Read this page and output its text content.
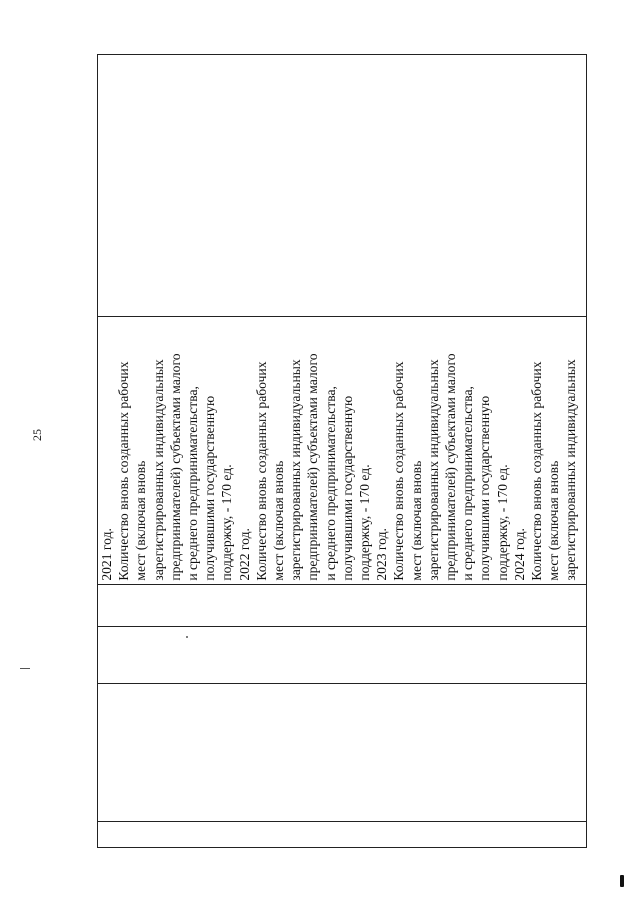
25
2021 год. Количество вновь созданных рабочих мест (включая вновь зарегистрированных индивидуальных предпринимателей) субъектами малого и среднего предпринимательства, получившими государственную поддержку, - 170 ед. 2022 год. Количество вновь созданных рабочих мест (включая вновь зарегистрированных индивидуальных предпринимателей) субъектами малого и среднего предпринимательства, получившими государственную поддержку, - 170 ед. 2023 год. Количество вновь созданных рабочих мест (включая вновь зарегистрированных индивидуальных предпринимателей) субъектами малого и среднего предпринимательства, получившими государственную поддержку, - 170 ед. 2024 год. Количество вновь созданных рабочих мест (включая вновь зарегистрированных индивидуальных
